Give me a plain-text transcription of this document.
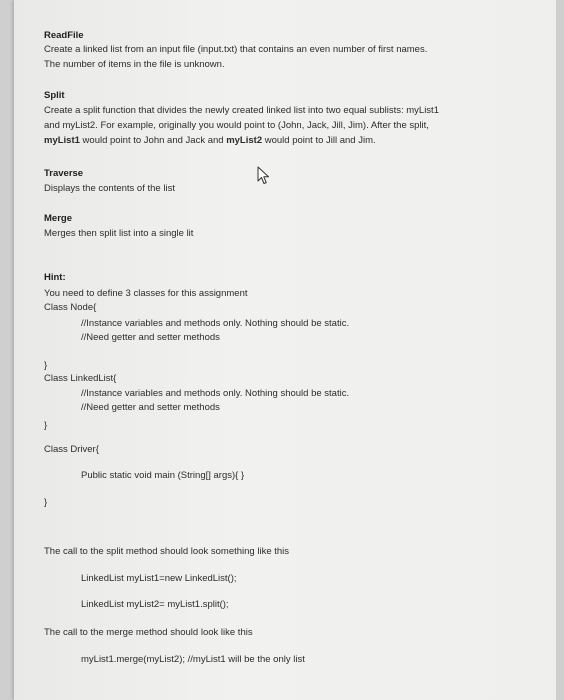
ReadFile
Create a linked list from an input file (input.txt) that contains an even number of first names.
The number of items in the file is unknown.
Split
Create a split function that divides the newly created linked list into two equal sublists: myList1
and myList2. For example, originally you would point to (John, Jack, Jill, Jim). After the split,
myList1 would point to John and Jack and myList2 would point to Jill and Jim.
Traverse
Displays the contents of the list
Merge
Merges then split list into a single lit
Hint:
You need to define 3 classes for this assignment
Class Node{
//Instance variables and methods only. Nothing should be static.
//Need getter and setter methods
}
Class LinkedList{
//Instance variables and methods only. Nothing should be static.
//Need getter and setter methods
}
Class Driver{
Public static void main (String[] args){ }
}
The call to the split method should look something like this
LinkedList myList1=new LinkedList();
LinkedList myList2= myList1.split();
The call to the merge method should look like this
myList1.merge(myList2); //myList1 will be the only list
